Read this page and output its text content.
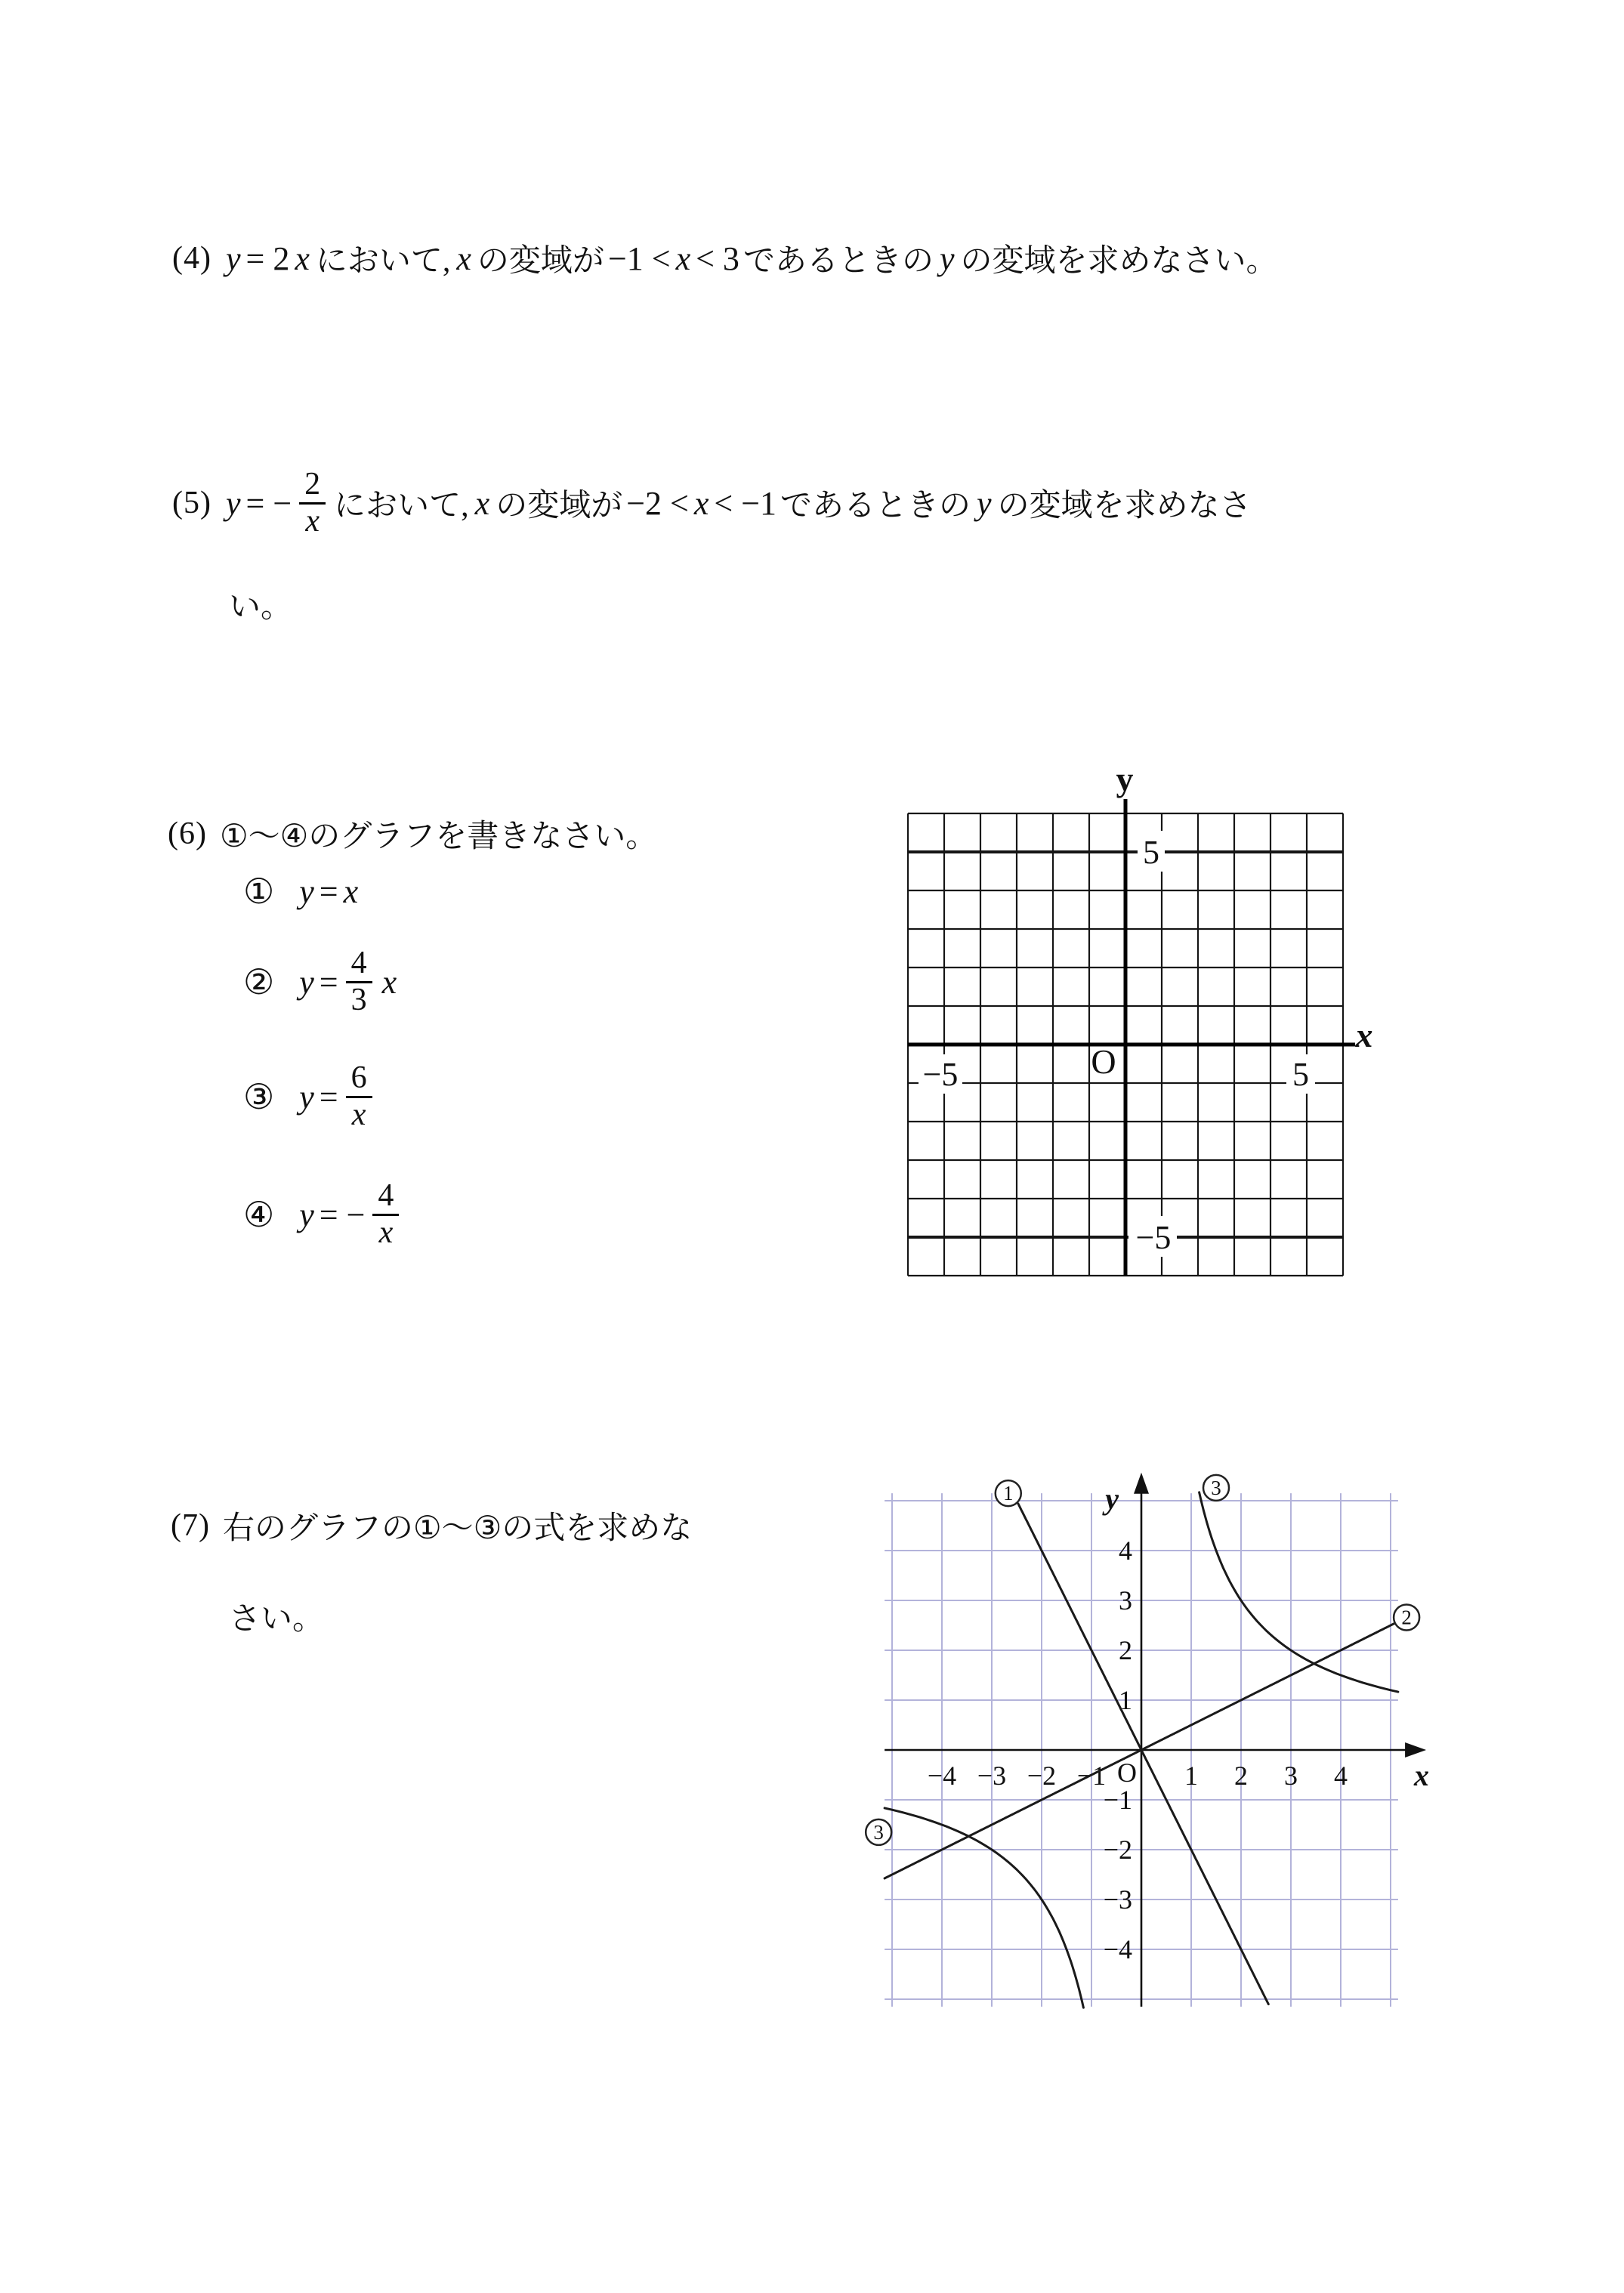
(4) y = 2 x において, x の変域が −1 < x < 3 であるときの y の変域を求めなさい。
(5) y = − $\frac{2}{x}$ において, x の変域が −2 < x < −1 であるときの y の変域を求めなさ
い。
(6) ①〜④のグラフを書きなさい。
① y = x
② $y = \frac{4}{3}$ x
③ $y = \frac{6}{x}$
④ y = − $\frac{4}{x}$
(7) 右のグラフの①〜③の式を求めな
さい。
5
−5
−5	5
O
y
x
−4 −3 −2 −1	1 2 3 4
4
3
2
1
−1
−2
−3
−4
O
y
x
1
2
3
3
